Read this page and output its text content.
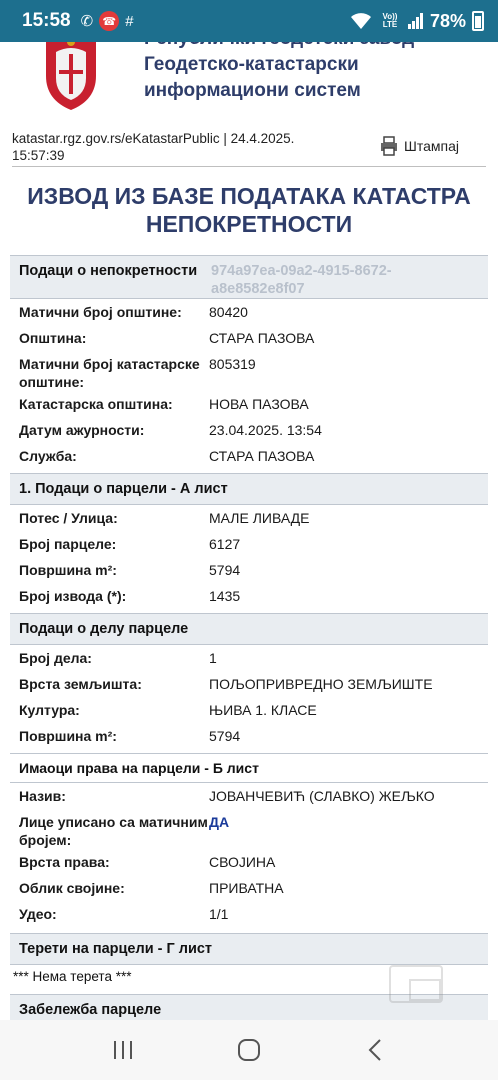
15:58 ✆ ☎ #	Vo)) LTE 78%
Геодетско-катастарски
информациони систем
katastar.rgz.gov.rs/eKatastarPublic | 24.4.2025. 15:57:39
Штампај
ИЗВОД ИЗ БАЗЕ ПОДАТАКА КАТАСТРА
НЕПОКРЕТНОСТИ
Подаци о непокретности 974a97ea-09a2-4915-8672-a8e8582e8f07
Матични број општине:	80420
Општина:	СТАРА ПАЗОВА
Матични број катастарске општине:
805319
Катастарска општина:	НОВА ПАЗОВА
Датум ажурности:	23.04.2025. 13:54
Служба:	СТАРА ПАЗОВА
1. Подаци о парцели - А лист
Потес / Улица:	МАЛЕ ЛИВАДЕ
Број парцеле:	6127
Површина m²:	5794
Број извода (*):	1435
Подаци о делу парцеле
Број дела:	1
Врста земљишта:	ПОЉОПРИВРЕДНО ЗЕМЉИШТЕ
Култура:	ЊИВА 1. КЛАСЕ
Површина m²:	5794
Имаоци права на парцели - Б лист
Назив:	ЈОВАНЧЕВИЋ (СЛАВКО) ЖЕЉКО
Лице уписано са матичним бројем:
ДА
Врста права:	СВОЈИНА
Облик својине:	ПРИВАТНА
Удео:	1/1
Терети на парцели - Г лист
*** Нема терета ***
Забележба парцеле
